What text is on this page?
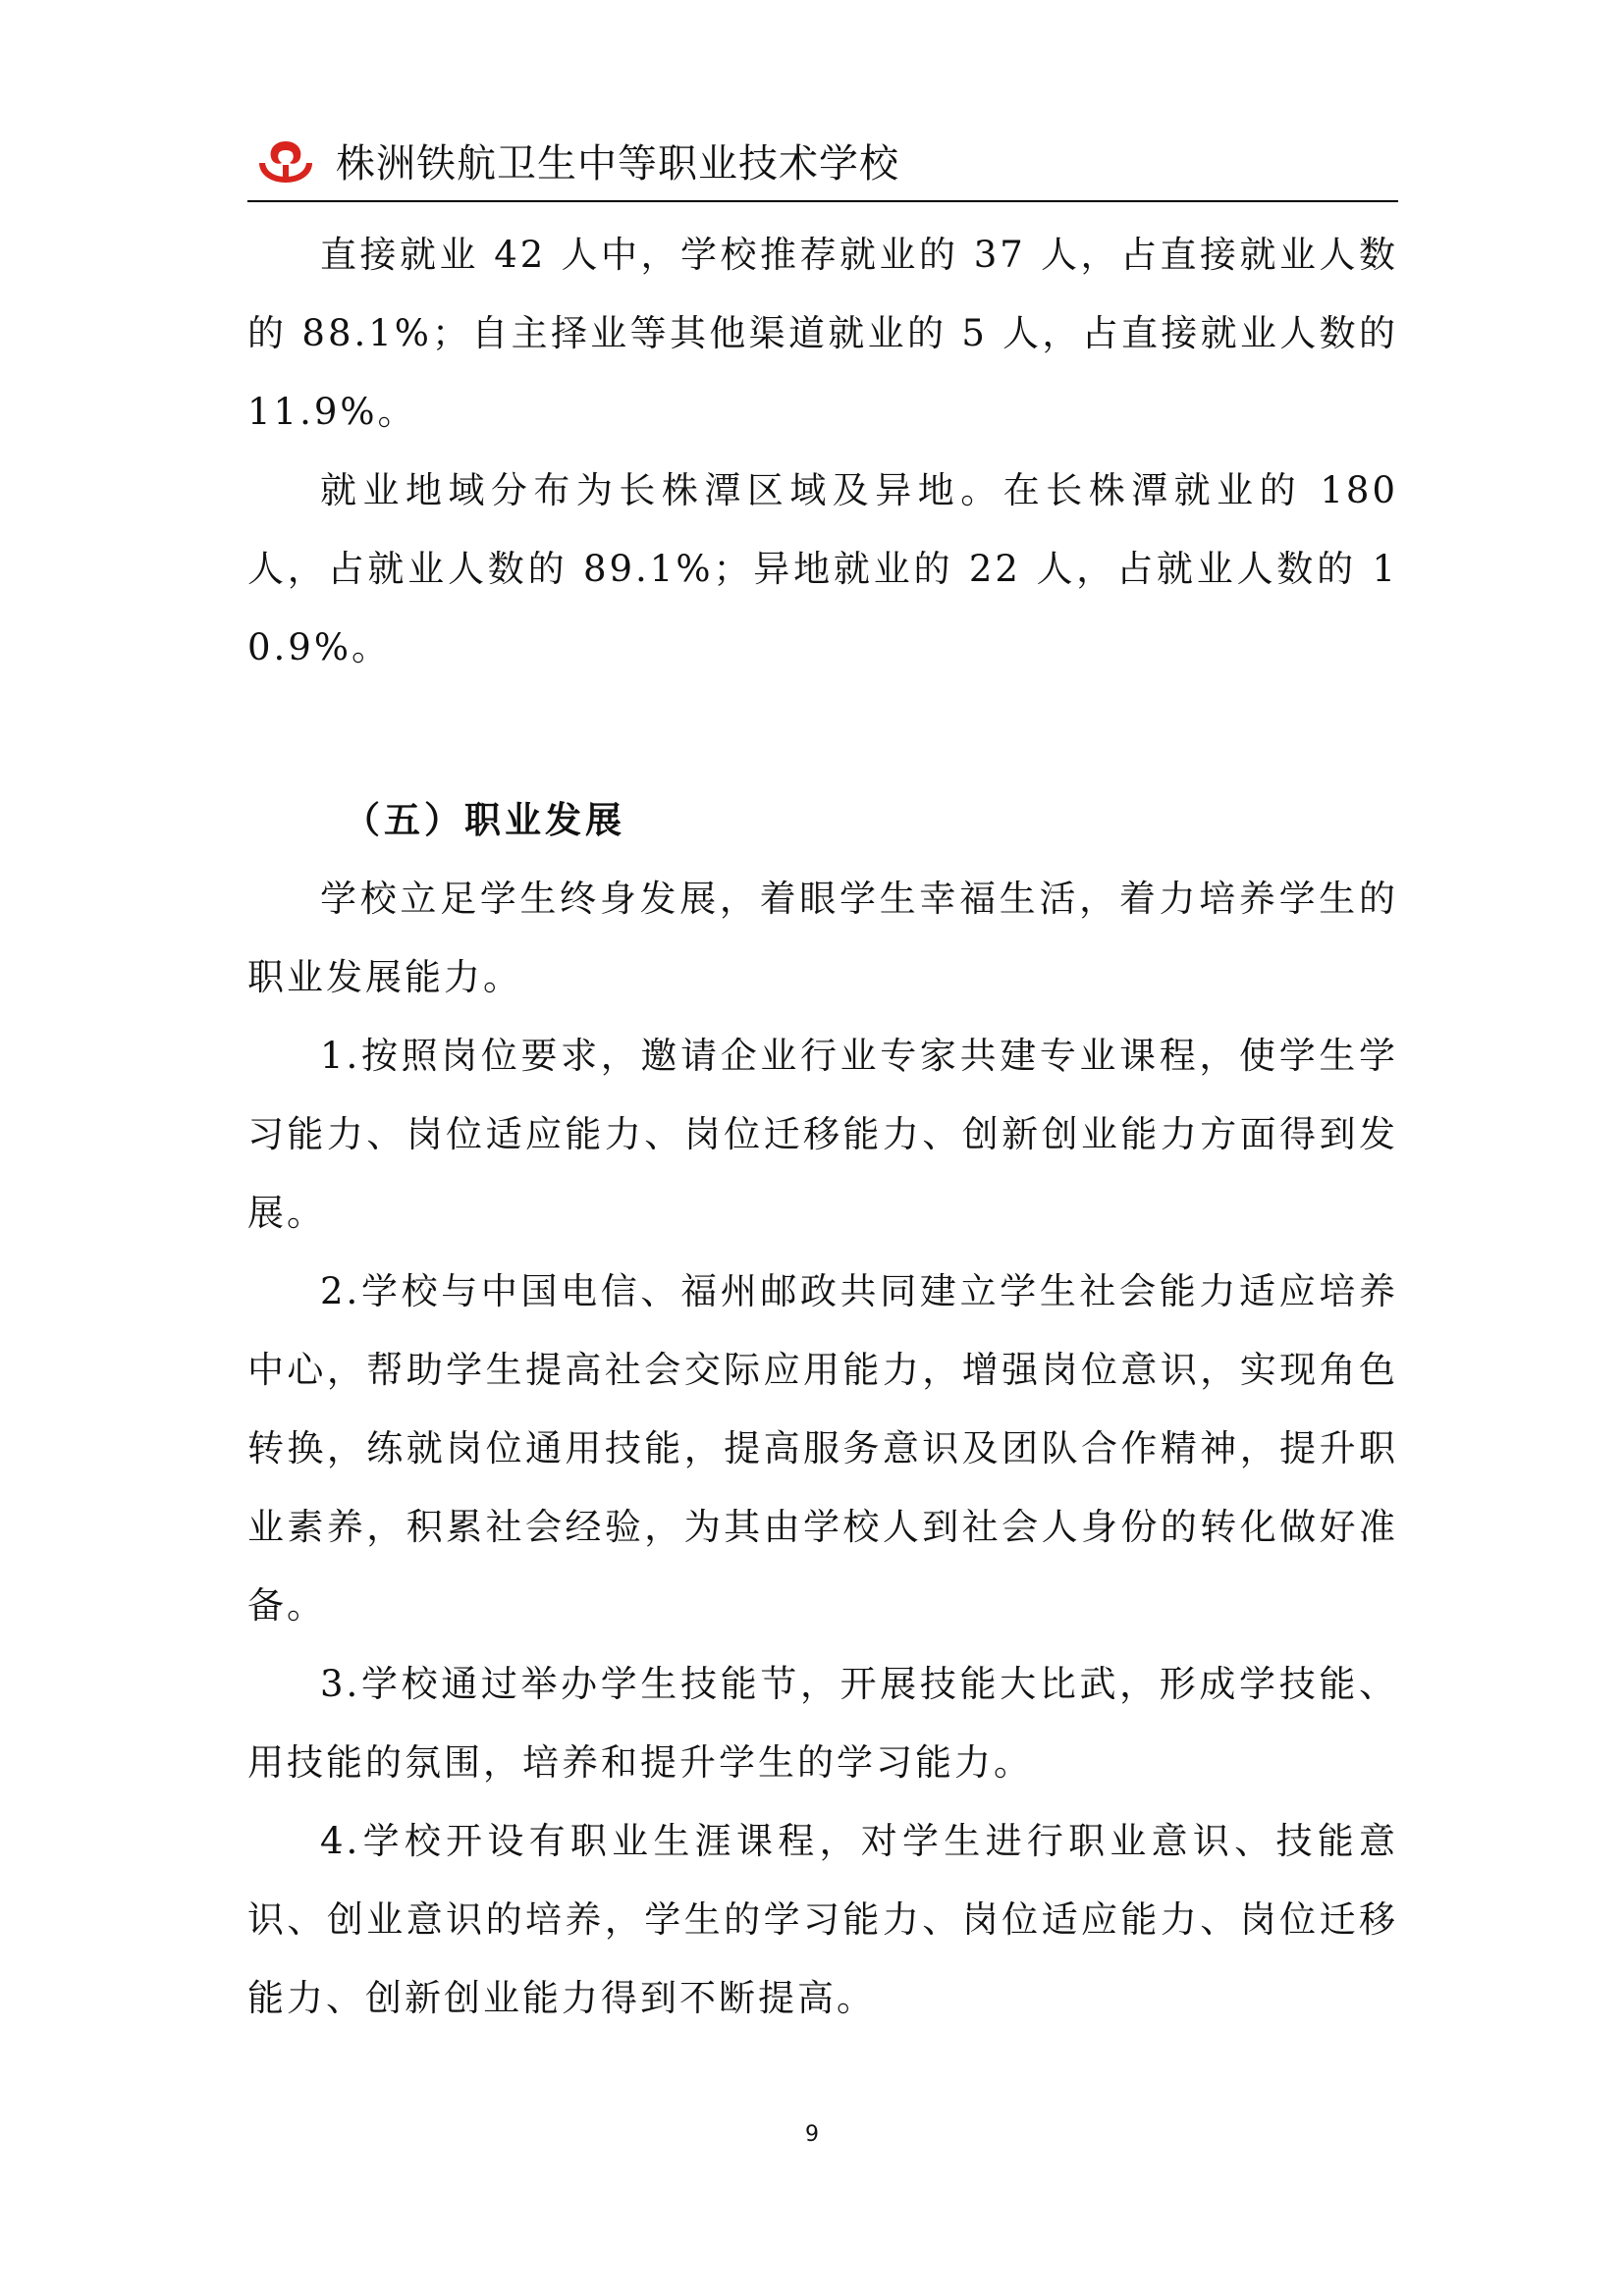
株洲铁航卫生中等职业技术学校

直接就业 42 人中，学校推荐就业的 37 人，占直接就业人数的 88.1%；自主择业等其他渠道就业的 5 人，占直接就业人数的 11.9%。

就业地域分布为长株潭区域及异地。在长株潭就业的 180 人，占就业人数的 89.1%；异地就业的 22 人，占就业人数的 10.9%。

（五）职业发展

学校立足学生终身发展，着眼学生幸福生活，着力培养学生的职业发展能力。

1.按照岗位要求，邀请企业行业专家共建专业课程，使学生学习能力、岗位适应能力、岗位迁移能力、创新创业能力方面得到发展。

2.学校与中国电信、福州邮政共同建立学生社会能力适应培养中心，帮助学生提高社会交际应用能力，增强岗位意识，实现角色转换，练就岗位通用技能，提高服务意识及团队合作精神，提升职业素养，积累社会经验，为其由学校人到社会人身份的转化做好准备。

3.学校通过举办学生技能节，开展技能大比武，形成学技能、用技能的氛围，培养和提升学生的学习能力。

4.学校开设有职业生涯课程，对学生进行职业意识、技能意识、创业意识的培养，学生的学习能力、岗位适应能力、岗位迁移能力、创新创业能力得到不断提高。

9
